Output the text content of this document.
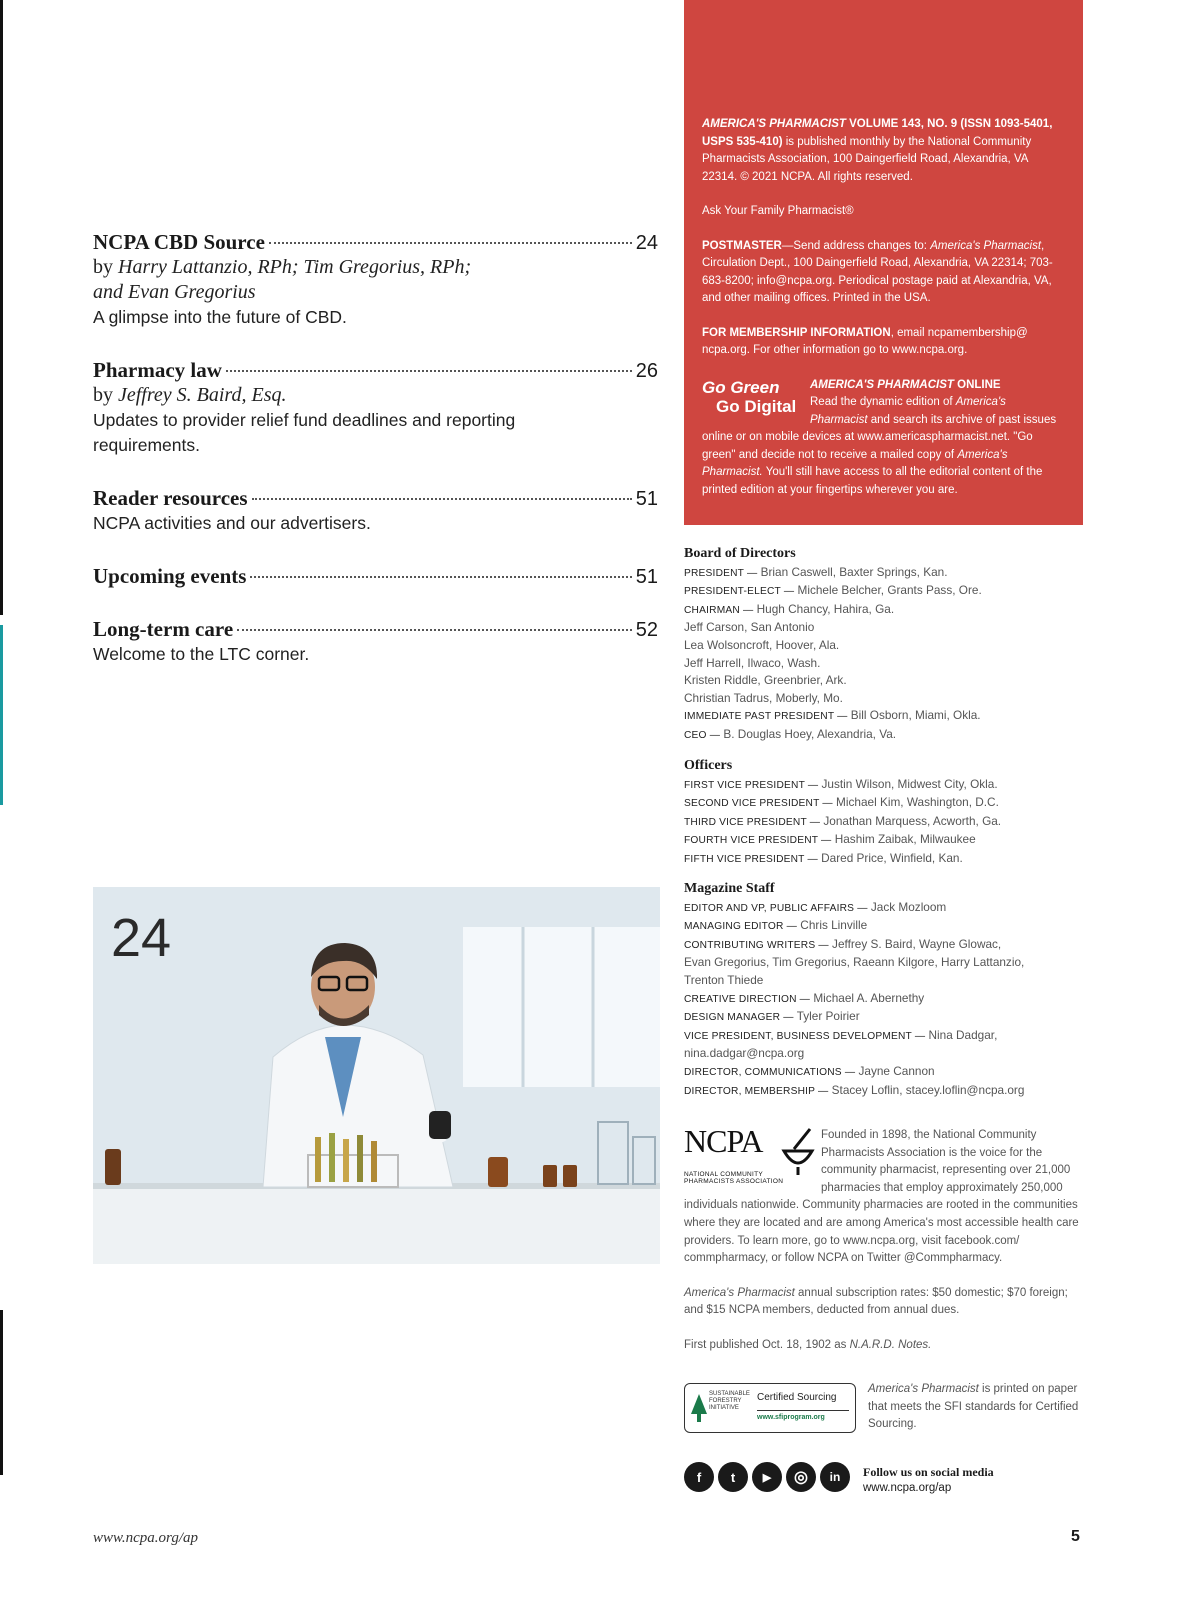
NCPA CBD Source	24
by Harry Lattanzio, RPh; Tim Gregorius, RPh;
and Evan Gregorius
A glimpse into the future of CBD.
Pharmacy law	26
by Jeffrey S. Baird, Esq.
Updates to provider relief fund deadlines and reporting requirements.
Reader resources	51
NCPA activities and our advertisers.
Upcoming events	51
Long-term care	52
Welcome to the LTC corner.
24

AMERICA'S PHARMACIST VOLUME 143, NO. 9 (ISSN 1093-5401, USPS 535-410) is published monthly by the National Community Pharmacists Association, 100 Daingerfield Road, Alexandria, VA 22314. © 2021 NCPA. All rights reserved.

Ask Your Family Pharmacist®

POSTMASTER—Send address changes to: America's Pharmacist, Circulation Dept., 100 Daingerfield Road, Alexandria, VA 22314; 703-683-8200; info@ncpa.org. Periodical postage paid at Alexandria, VA, and other mailing offices. Printed in the USA.

FOR MEMBERSHIP INFORMATION, email ncpamembership@ ncpa.org. For other information go to www.ncpa.org.

Go Green
Go Digital
AMERICA'S PHARMACIST ONLINE
Read the dynamic edition of America's Pharmacist and search its archive of past issues online or on mobile devices at www.americaspharmacist.net. "Go green" and decide not to receive a mailed copy of America's Pharmacist. You'll still have access to all the editorial content of the printed edition at your fingertips wherever you are.
Board of Directors
PRESIDENT — Brian Caswell, Baxter Springs, Kan.
PRESIDENT-ELECT — Michele Belcher, Grants Pass, Ore.
CHAIRMAN — Hugh Chancy, Hahira, Ga.
Jeff Carson, San Antonio
Lea Wolsoncroft, Hoover, Ala.
Jeff Harrell, Ilwaco, Wash.
Kristen Riddle, Greenbrier, Ark.
Christian Tadrus, Moberly, Mo.
IMMEDIATE PAST PRESIDENT — Bill Osborn, Miami, Okla.
CEO — B. Douglas Hoey, Alexandria, Va.
Officers
FIRST VICE PRESIDENT — Justin Wilson, Midwest City, Okla.
SECOND VICE PRESIDENT — Michael Kim, Washington, D.C.
THIRD VICE PRESIDENT — Jonathan Marquess, Acworth, Ga.
FOURTH VICE PRESIDENT — Hashim Zaibak, Milwaukee
FIFTH VICE PRESIDENT — Dared Price, Winfield, Kan.
Magazine Staff
EDITOR AND VP, PUBLIC AFFAIRS — Jack Mozloom
MANAGING EDITOR — Chris Linville
CONTRIBUTING WRITERS — Jeffrey S. Baird, Wayne Glowac,
Evan Gregorius, Tim Gregorius, Raeann Kilgore, Harry Lattanzio,
Trenton Thiede
CREATIVE DIRECTION — Michael A. Abernethy
DESIGN MANAGER — Tyler Poirier
VICE PRESIDENT, BUSINESS DEVELOPMENT — Nina Dadgar,
nina.dadgar@ncpa.org
DIRECTOR, COMMUNICATIONS — Jayne Cannon
DIRECTOR, MEMBERSHIP — Stacey Loflin, stacey.loflin@ncpa.org

NCPA
NATIONAL COMMUNITY
PHARMACISTS ASSOCIATION
Founded in 1898, the National Community Pharmacists Association is the voice for the community pharmacist, representing over 21,000 pharmacies that employ approximately 250,000 individuals nationwide. Community pharmacies are rooted in the communities where they are located and are among America's most accessible health care providers. To learn more, go to www.ncpa.org, visit facebook.com/ commpharmacy, or follow NCPA on Twitter @Commpharmacy.

America's Pharmacist annual subscription rates: $50 domestic; $70 foreign; and $15 NCPA members, deducted from annual dues.

First published Oct. 18, 1902 as N.A.R.D. Notes.

SUSTAINABLE
FORESTRY
INITIATIVE
Certified Sourcing
www.sfiprogram.org
America's Pharmacist is printed on paper that meets the SFI standards for Certified Sourcing.
f	t	▶	◎	in	Follow us on social media
www.ncpa.org/ap
www.ncpa.org/ap	5
